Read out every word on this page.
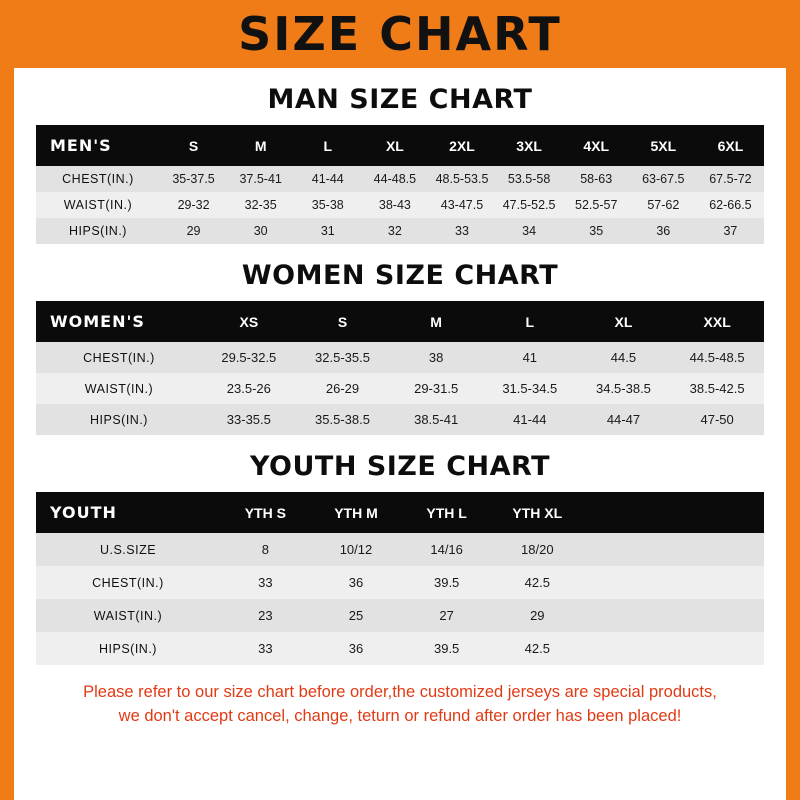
SIZE CHART
MAN SIZE CHART
MEN'S	S	M	L	XL	2XL	3XL	4XL	5XL	6XL
CHEST(IN.)	35-37.5	37.5-41	41-44	44-48.5	48.5-53.5	53.5-58	58-63	63-67.5	67.5-72
WAIST(IN.)	29-32	32-35	35-38	38-43	43-47.5	47.5-52.5	52.5-57	57-62	62-66.5
HIPS(IN.)	29	30	31	32	33	34	35	36	37
WOMEN SIZE CHART
WOMEN'S	XS	S	M	L	XL	XXL
CHEST(IN.)	29.5-32.5	32.5-35.5	38	41	44.5	44.5-48.5
WAIST(IN.)	23.5-26	26-29	29-31.5	31.5-34.5	34.5-38.5	38.5-42.5
HIPS(IN.)	33-35.5	35.5-38.5	38.5-41	41-44	44-47	47-50
YOUTH SIZE CHART
YOUTH	YTH S	YTH M	YTH L	YTH XL		
U.S.SIZE	8	10/12	14/16	18/20		
CHEST(IN.)	33	36	39.5	42.5		
WAIST(IN.)	23	25	27	29		
HIPS(IN.)	33	36	39.5	42.5		
Please refer to our size chart before order,the customized jerseys are special products,
we don't accept cancel, change, teturn or refund after order has been placed!
